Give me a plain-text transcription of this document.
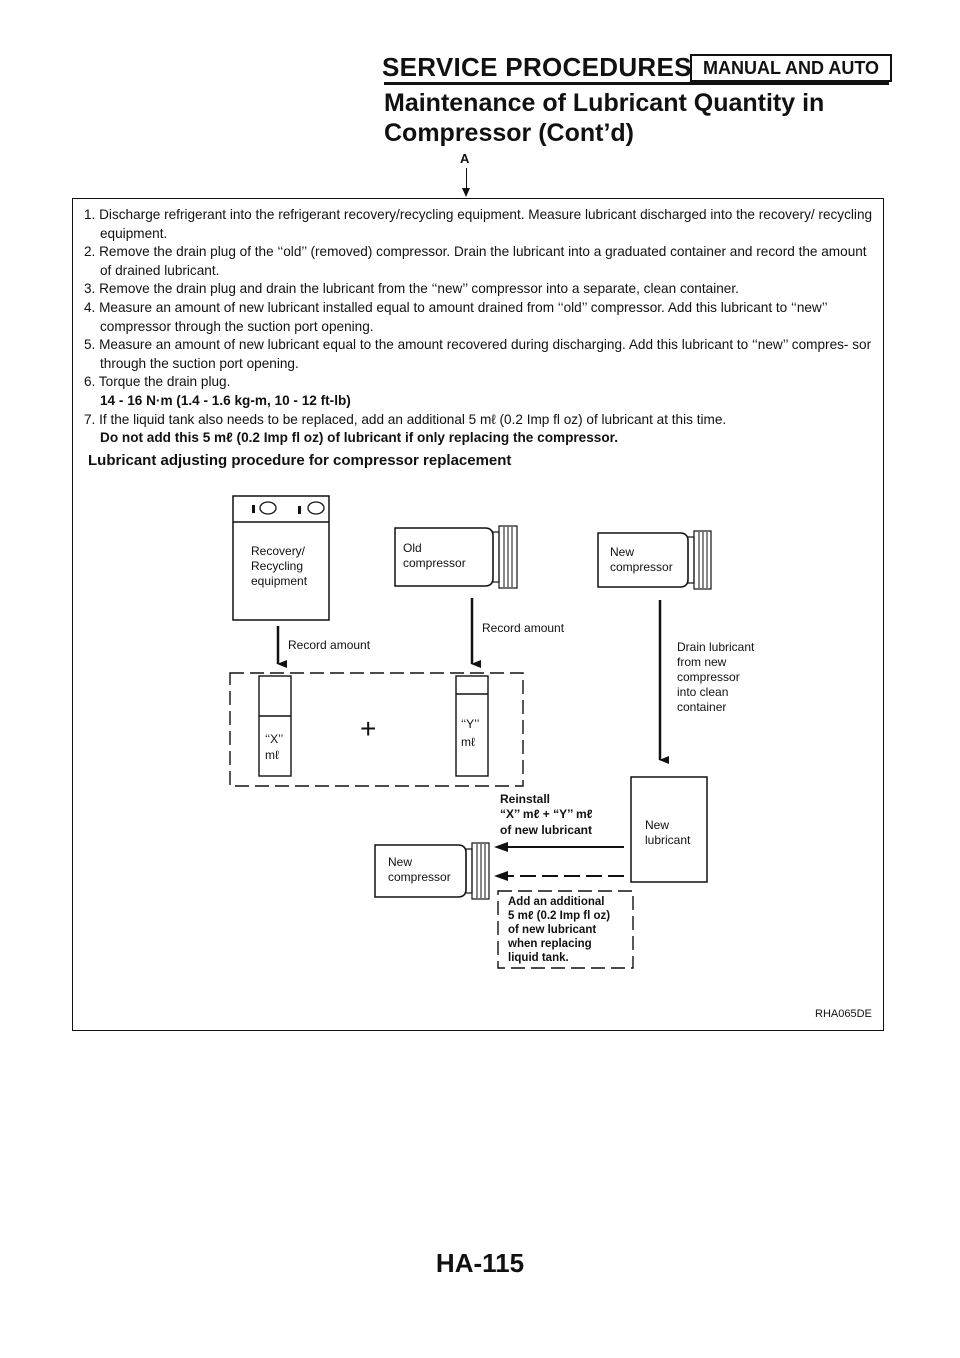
SERVICE PROCEDURES MANUAL AND AUTO
Maintenance of Lubricant Quantity in
Compressor (Cont’d)
A
1. Discharge refrigerant into the refrigerant recovery/recycling equipment. Measure lubricant discharged into the recovery/ recycling equipment.
2. Remove the drain plug of the ‘‘old’’ (removed) compressor. Drain the lubricant into a graduated container and record the amount of drained lubricant.
3. Remove the drain plug and drain the lubricant from the ‘‘new’’ compressor into a separate, clean container.
4. Measure an amount of new lubricant installed equal to amount drained from ‘‘old’’ compressor. Add this lubricant to ‘‘new’’ compressor through the suction port opening.
5. Measure an amount of new lubricant equal to the amount recovered during discharging. Add this lubricant to ‘‘new’’ compres- sor through the suction port opening.
6. Torque the drain plug.
14 - 16 N·m (1.4 - 1.6 kg-m, 10 - 12 ft-lb)
7. If the liquid tank also needs to be replaced, add an additional 5 mℓ (0.2 Imp fl oz) of lubricant at this time.
Do not add this 5 mℓ (0.2 Imp fl oz) of lubricant if only replacing the compressor.
Lubricant adjusting procedure for compressor replacement
Recovery/
Recycling
equipment
Old
compressor
New
compressor
Record amount
Record amount
‘‘X’’
mℓ
+	‘‘Y’’
mℓ
Drain lubricant
from new
compressor
into clean
container
New
lubricant
Reinstall
“X’’ mℓ + “Y’’ mℓ
of new lubricant
New
compressor
Add an additional
5 mℓ (0.2 Imp fl oz)
of new lubricant
when replacing
liquid tank.
RHA065DE
HA-115
